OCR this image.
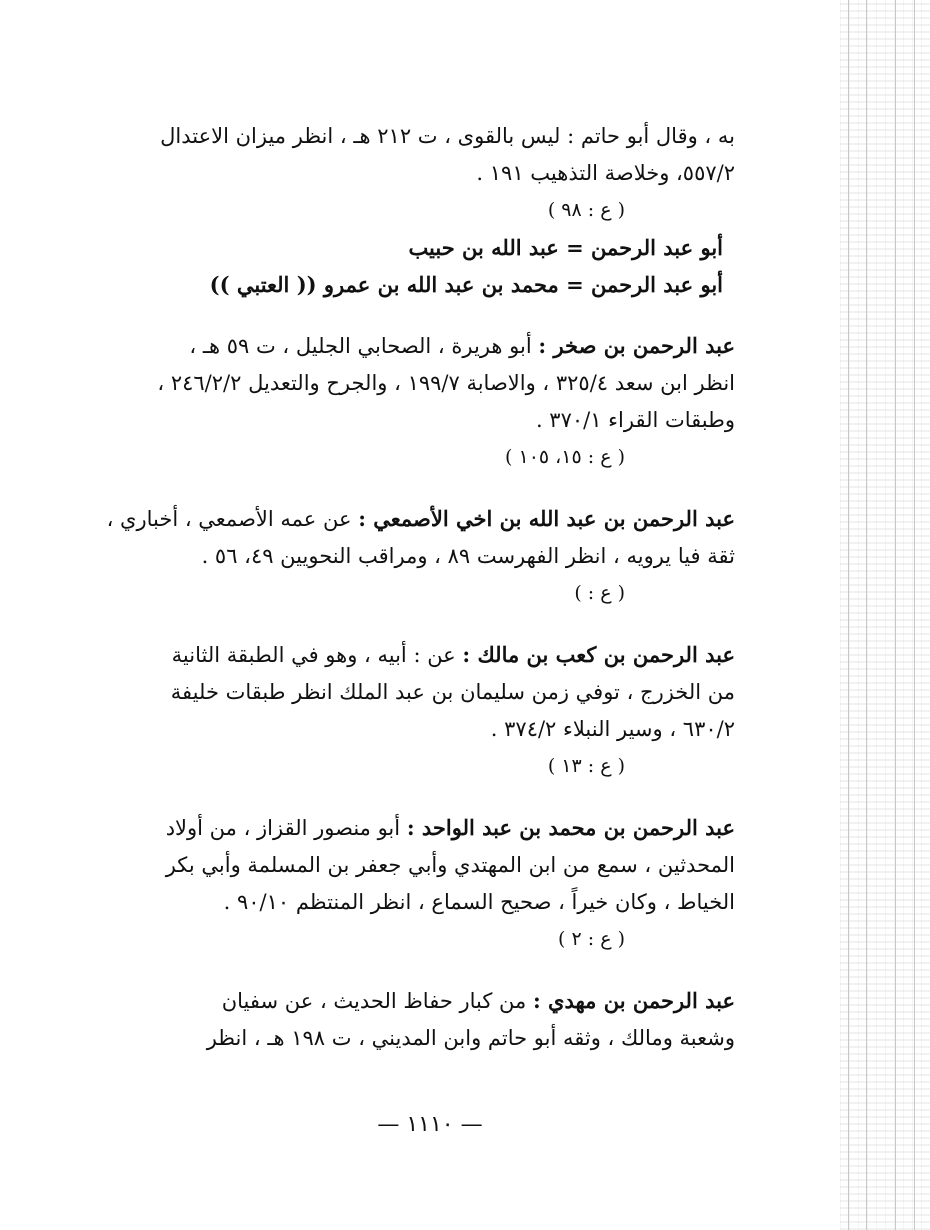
به ، وقال أبو حاتم : ليس بالقوى ، ت ٢١٢ هـ ، انظر ميزان الاعتدال
٥٥٧/٢، وخلاصة التذهيب ١٩١ .
( ع : ٩٨ )
أبو عبد الرحمن = عبد الله بن حبيب
أبو عبد الرحمن = محمد بن عبد الله بن عمرو (( العتبي ))
عبد الرحمن بن صخر : أبو هريرة ، الصحابي الجليل ، ت ٥٩ هـ ،
انظر ابن سعد ٣٢٥/٤ ، والاصابة ١٩٩/٧ ، والجرح والتعديل ٢٤٦/٢/٢ ،
وطبقات القراء ٣٧٠/١ .
( ع : ١٥، ١٠٥ )
عبد الرحمن بن عبد الله بن اخي الأصمعي : عن عمه الأصمعي ، أخباري ،
ثقة فيا يرويه ، انظر الفهرست ٨٩ ، ومراقب النحويين ٤٩، ٥٦ .
( ع : )
عبد الرحمن بن كعب بن مالك : عن : أبيه ، وهو في الطبقة الثانية
من الخزرج ، توفي زمن سليمان بن عبد الملك انظر طبقات خليفة
٦٣٠/٢ ، وسير النبلاء ٣٧٤/٢ .
( ع : ١٣ )
عبد الرحمن بن محمد بن عبد الواحد : أبو منصور القزاز ، من أولاد
المحدثين ، سمع من ابن المهتدي وأبي جعفر بن المسلمة وأبي بكر
الخياط ، وكان خيراً ، صحيح السماع ، انظر المنتظم ٩٠/١٠ .
( ع : ٢ )
عبد الرحمن بن مهدي : من كبار حفاظ الحديث ، عن سفيان
وشعبة ومالك ، وثقه أبو حاتم وابن المديني ، ت ١٩٨ هـ ، انظر
— ١١١٠ —
